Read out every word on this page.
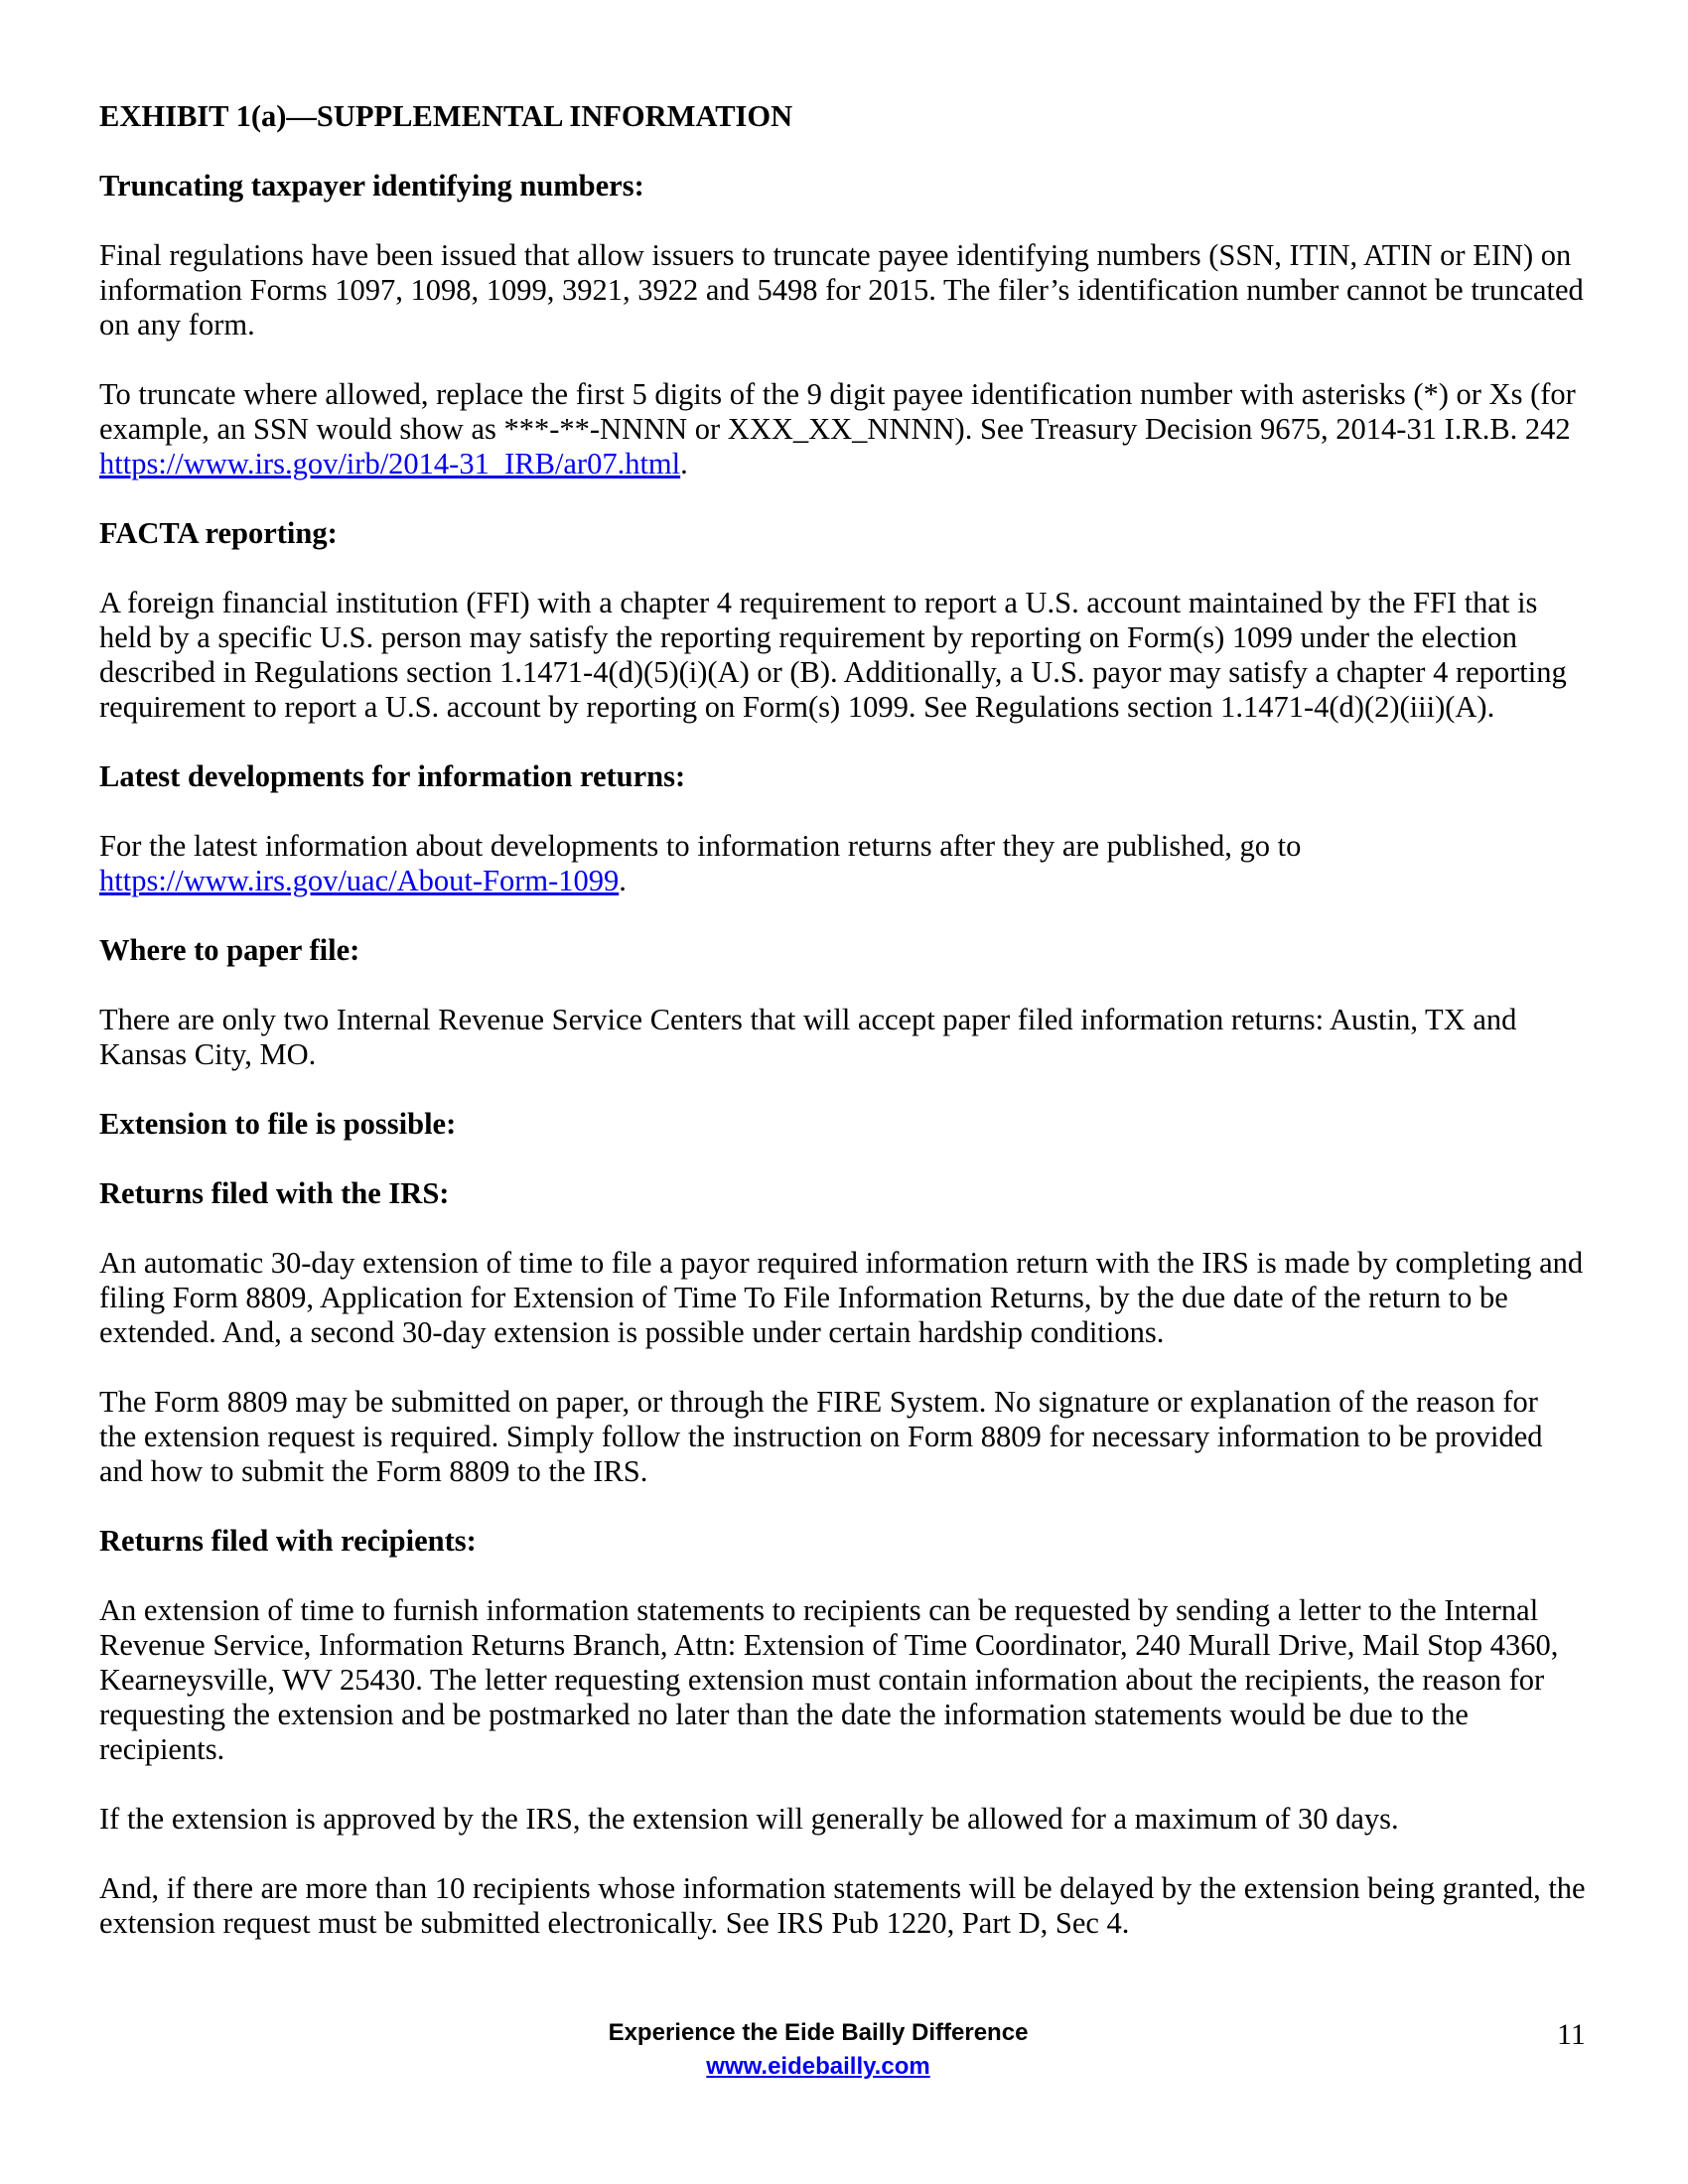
EXHIBIT 1(a)—SUPPLEMENTAL INFORMATION
Truncating taxpayer identifying numbers:
Final regulations have been issued that allow issuers to truncate payee identifying numbers (SSN, ITIN, ATIN or EIN) on
information Forms 1097, 1098, 1099, 3921, 3922 and 5498 for 2015. The filer’s identification number cannot be truncated
on any form.
To truncate where allowed, replace the first 5 digits of the 9 digit payee identification number with asterisks (*) or Xs (for
example, an SSN would show as ***-**-NNNN or XXX_XX_NNNN). See Treasury Decision 9675, 2014-31 I.R.B. 242
https://www.irs.gov/irb/2014-31_IRB/ar07.html.
FACTA reporting:
A foreign financial institution (FFI) with a chapter 4 requirement to report a U.S. account maintained by the FFI that is
held by a specific U.S. person may satisfy the reporting requirement by reporting on Form(s) 1099 under the election
described in Regulations section 1.1471-4(d)(5)(i)(A) or (B). Additionally, a U.S. payor may satisfy a chapter 4 reporting
requirement to report a U.S. account by reporting on Form(s) 1099. See Regulations section 1.1471-4(d)(2)(iii)(A).
Latest developments for information returns:
For the latest information about developments to information returns after they are published, go to
https://www.irs.gov/uac/About-Form-1099.
Where to paper file:
There are only two Internal Revenue Service Centers that will accept paper filed information returns: Austin, TX and
Kansas City, MO.
Extension to file is possible:
Returns filed with the IRS:
An automatic 30-day extension of time to file a payor required information return with the IRS is made by completing and
filing Form 8809, Application for Extension of Time To File Information Returns, by the due date of the return to be
extended. And, a second 30-day extension is possible under certain hardship conditions.
The Form 8809 may be submitted on paper, or through the FIRE System. No signature or explanation of the reason for
the extension request is required. Simply follow the instruction on Form 8809 for necessary information to be provided
and how to submit the Form 8809 to the IRS.
Returns filed with recipients:
An extension of time to furnish information statements to recipients can be requested by sending a letter to the Internal
Revenue Service, Information Returns Branch, Attn: Extension of Time Coordinator, 240 Murall Drive, Mail Stop 4360,
Kearneysville, WV 25430. The letter requesting extension must contain information about the recipients, the reason for
requesting the extension and be postmarked no later than the date the information statements would be due to the
recipients.
If the extension is approved by the IRS, the extension will generally be allowed for a maximum of 30 days.
And, if there are more than 10 recipients whose information statements will be delayed by the extension being granted, the
extension request must be submitted electronically. See IRS Pub 1220, Part D, Sec 4.
Experience the Eide Bailly Difference
www.eidebailly.com
11
